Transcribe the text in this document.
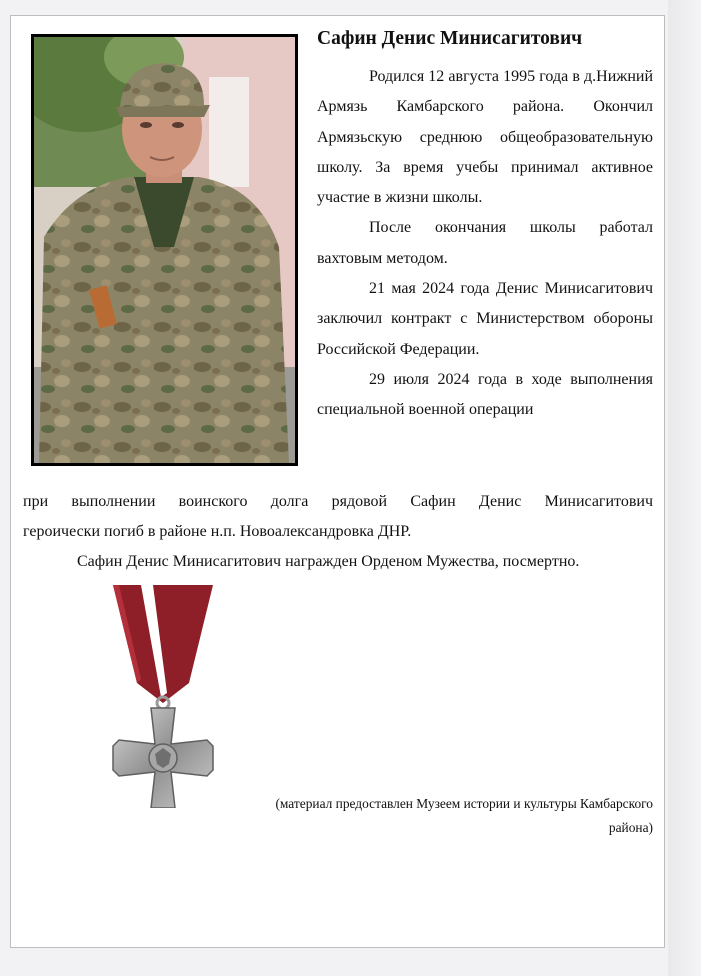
Сафин Денис Минисагитович

Родился 12 августа 1995 года в д.Нижний Армязь Камбарского района. Окончил Армязьскую среднюю общеобразовательную школу. За время учебы принимал активное участие в жизни школы.

После окончания школы работал вахтовым методом.

21 мая 2024 года Денис Минисагитович заключил контракт с Министерством обороны Российской Федерации.

29 июля 2024 года в ходе выполнения специальной военной операции

при выполнении воинского долга рядовой Сафин Денис Минисагитович
героически погиб в районе н.п. Новоалександровка ДНР.

Сафин Денис Минисагитович награжден Орденом Мужества, посмертно.

(материал предоставлен Музеем истории и культуры Камбарского
района)
